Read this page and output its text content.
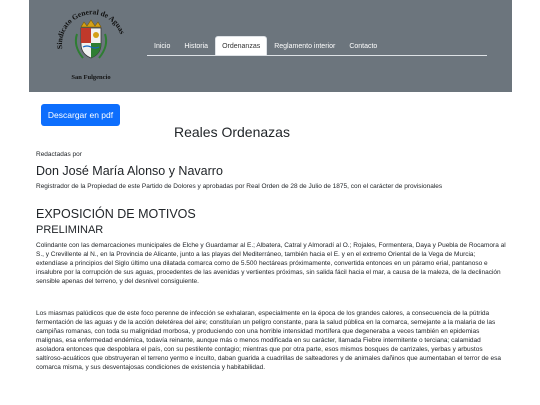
Sindicato General de Aguas
San Fulgencio
Inicio	Historia	Ordenanzas	Reglamento interior	Contacto
Descargar en pdf
Reales Ordenazas
Redactadas por
Don José María Alonso y Navarro
Registrador de la Propiedad de este Partido de Dolores y aprobadas por Real Orden de 28 de Julio de 1875, con el carácter de provisionales
EXPOSICIÓN DE MOTIVOS
PRELIMINAR
Colindante con las demarcaciones municipales de Elche y Guardamar al E.; Albatera, Catral y Almoradí al O.; Rojales, Formentera, Daya y Puebla de Rocamora al S., y Crevillente al N., en la Provincia de Alicante, junto a las playas del Mediterráneo, también hacia el E. y en el extremo Oriental de la Vega de Murcia; extendíase a principios del Siglo último una dilatada comarca como de 5.500 hectáreas próximamente, convertida entonces en un páramo erial, pantanoso e insalubre por la corrupción de sus aguas, procedentes de las avenidas y vertientes próximas, sin salida fácil hacia el mar, a causa de la maleza, de la declinación sensible apenas del terreno, y del desnivel consiguiente.
Los miasmas palúdicos que de este foco perenne de infección se exhalaran, especialmente en la época de los grandes calores, a consecuencia de la pútrida fermentación de las aguas y de la acción deletérea del aire; constituían un peligro constante, para la salud pública en la comarca, semejante a la malaria de las campiñas romanas, con toda su malignidad morbosa, y produciendo con una horrible intensidad mortífera que degeneraba a veces también en epidemias malignas, esa enfermedad endémica, todavía reinante, aunque más o menos modificada en su carácter, llamada Fiebre intermitente o terciana; calamidad asoladora entonces que despoblara el país, con su pestilente contagio; mientras que por otra parte, esos mismos bosques de carrizales, yerbas y arbustos saltíroso-acuáticos que obstruyeran el terreno yermo e inculto, daban guarida a cuadrillas de salteadores y de animales dañinos que aumentaban el terror de esa comarca misma, y sus desventajosas condiciones de existencia y habitabilidad.
